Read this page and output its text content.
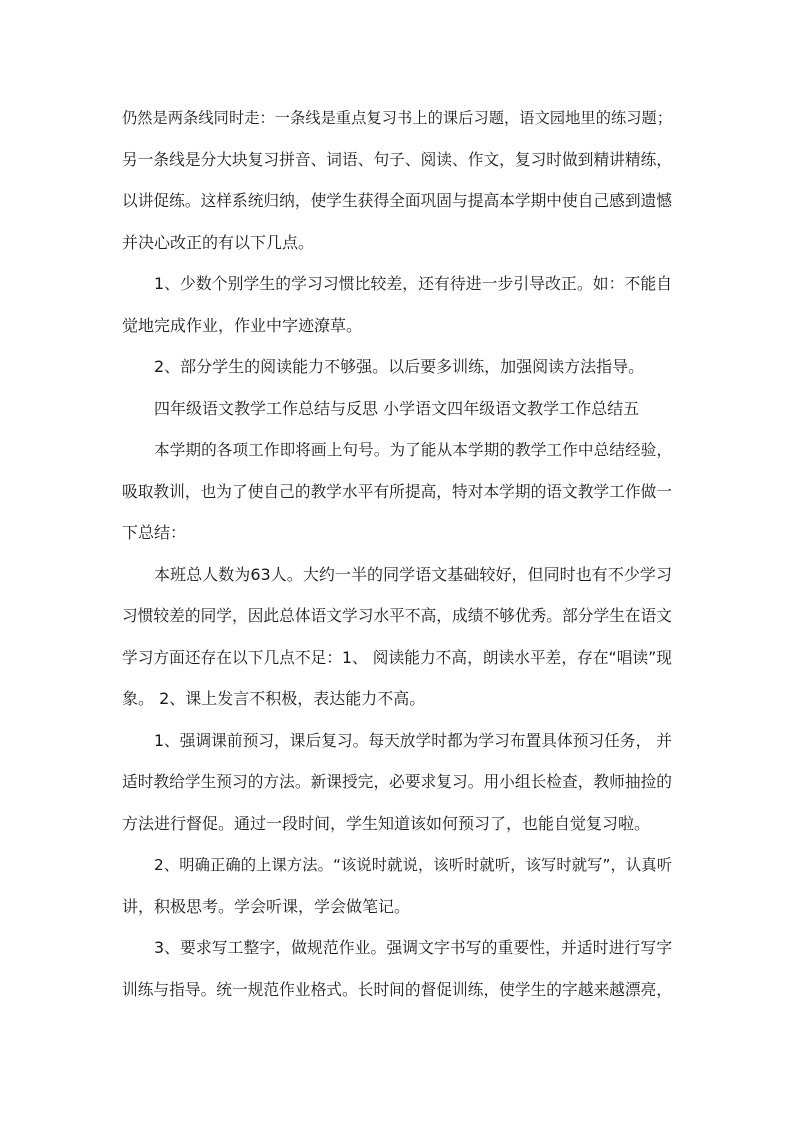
仍然是两条线同时走：一条线是重点复习书上的课后习题，语文园地里的练习题；
另一条线是分大块复习拼音、词语、句子、阅读、作文，复习时做到精讲精练，
以讲促练。这样系统归纳，使学生获得全面巩固与提高本学期中使自己感到遗憾
并决心改正的有以下几点。
1、少数个别学生的学习习惯比较差，还有待进一步引导改正。如：不能自
觉地完成作业，作业中字迹潦草。
2、部分学生的阅读能力不够强。以后要多训练，加强阅读方法指导。
四年级语文教学工作总结与反思 小学语文四年级语文教学工作总结五
本学期的各项工作即将画上句号。为了能从本学期的教学工作中总结经验，
吸取教训，也为了使自己的教学水平有所提高，特对本学期的语文教学工作做一
下总结：
本班总人数为63人。大约一半的同学语文基础较好，但同时也有不少学习
习惯较差的同学，因此总体语文学习水平不高，成绩不够优秀。部分学生在语文
学习方面还存在以下几点不足：1、 阅读能力不高，朗读水平差，存在“唱读”现
象。 2、课上发言不积极，表达能力不高。
1、强调课前预习，课后复习。每天放学时都为学习布置具体预习任务， 并
适时教给学生预习的方法。新课授完，必要求复习。用小组长检查，教师抽捡的
方法进行督促。通过一段时间，学生知道该如何预习了，也能自觉复习啦。
2、明确正确的上课方法。“该说时就说，该听时就听，该写时就写”，认真听
讲，积极思考。学会听课，学会做笔记。
3、要求写工整字，做规范作业。强调文字书写的重要性，并适时进行写字
训练与指导。统一规范作业格式。长时间的督促训练，使学生的字越来越漂亮，
